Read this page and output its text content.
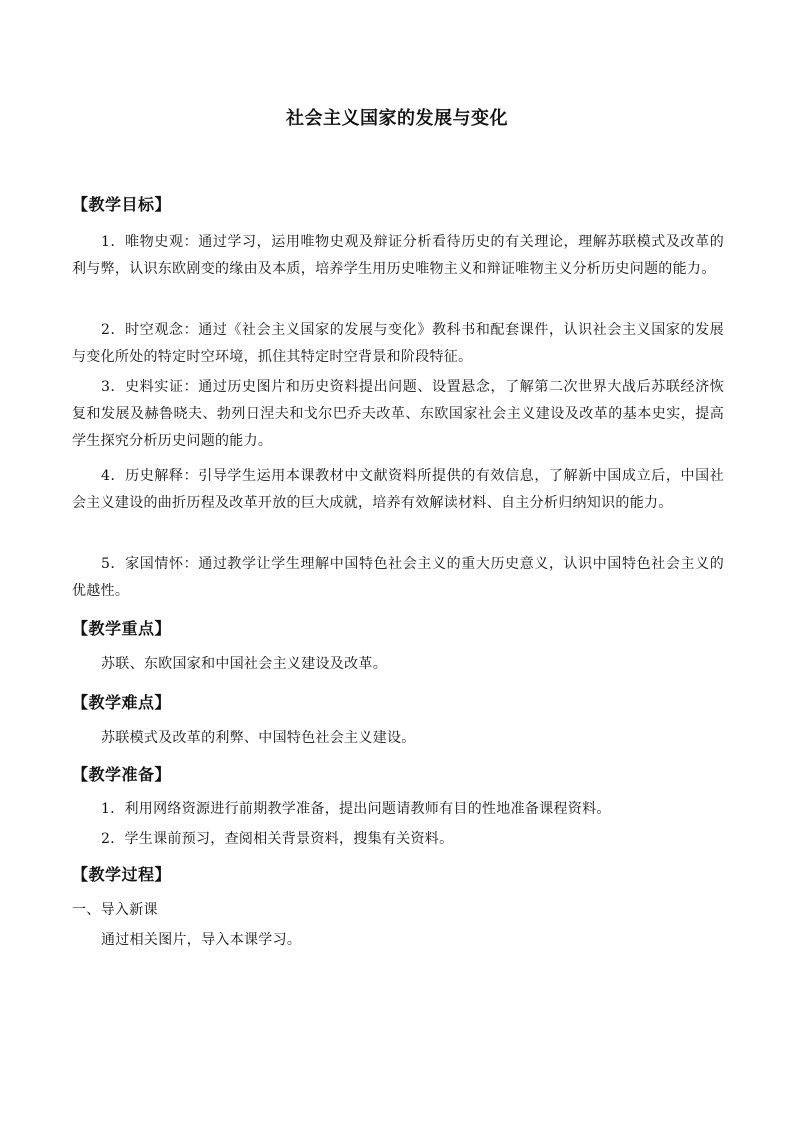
社会主义国家的发展与变化
【教学目标】
1．唯物史观：通过学习，运用唯物史观及辩证分析看待历史的有关理论，理解苏联模式及改革的利与弊，认识东欧剧变的缘由及本质，培养学生用历史唯物主义和辩证唯物主义分析历史问题的能力。
2．时空观念：通过《社会主义国家的发展与变化》教科书和配套课件，认识社会主义国家的发展与变化所处的特定时空环境，抓住其特定时空背景和阶段特征。
3．史料实证：通过历史图片和历史资料提出问题、设置悬念，了解第二次世界大战后苏联经济恢复和发展及赫鲁晓夫、勃列日涅夫和戈尔巴乔夫改革、东欧国家社会主义建设及改革的基本史实，提高学生探究分析历史问题的能力。
4．历史解释：引导学生运用本课教材中文献资料所提供的有效信息，了解新中国成立后，中国社会主义建设的曲折历程及改革开放的巨大成就，培养有效解读材料、自主分析归纳知识的能力。
5．家国情怀：通过教学让学生理解中国特色社会主义的重大历史意义，认识中国特色社会主义的优越性。
【教学重点】
苏联、东欧国家和中国社会主义建设及改革。
【教学难点】
苏联模式及改革的利弊、中国特色社会主义建设。
【教学准备】
1．利用网络资源进行前期教学准备，提出问题请教师有目的性地准备课程资料。
2．学生课前预习，查阅相关背景资料，搜集有关资料。
【教学过程】
一、导入新课
通过相关图片，导入本课学习。
